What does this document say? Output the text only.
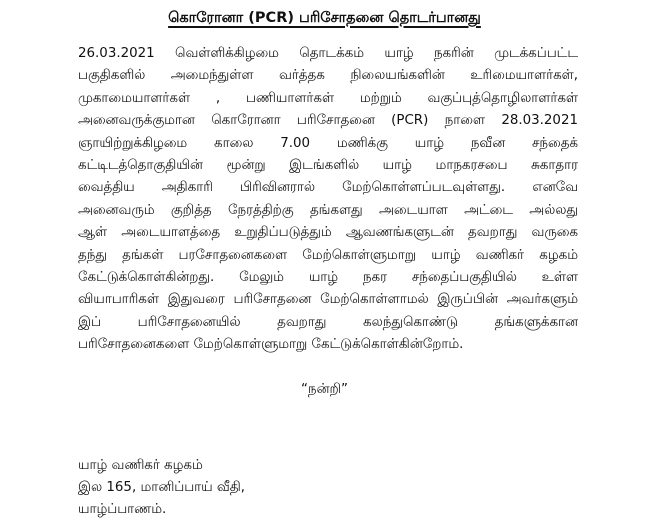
கொரோனா (PCR) பரிசோதனை தொடர்பானது
26.03.2021 வெள்ளிக்கிழமை தொடக்கம் யாழ் நகரின் முடக்கப்பட்ட
பகுதிகளில் அமைந்துள்ள வர்த்தக நிலையங்களின் உரிமையாளர்கள்,
முகாமையாளர்கள் , பணியாளர்கள் மற்றும் வகுப்புத்தொழிலாளர்கள்
அனைவருக்குமான கொரோனா பரிசோதனை (PCR) நாளை 28.03.2021
ஞாயிற்றுக்கிழமை காலை 7.00 மணிக்கு யாழ் நவீன சந்தைக்
கட்டிடத்தொகுதியின் மூன்று இடங்களில் யாழ் மாநகரசபை சுகாதார
வைத்திய அதிகாரி பிரிவினரால் மேற்கொள்ளப்படவுள்ளது. எனவே
அனைவரும் குறித்த நேரத்திற்கு தங்களது அடையாள அட்டை அல்லது
ஆள் அடையாளத்தை உறுதிப்படுத்தும் ஆவணங்களுடன் தவறாது வருகை
தந்து தங்கள் பரசோதனைகளை மேற்கொள்ளுமாறு யாழ் வணிகர் கழகம்
கேட்டுக்கொள்கின்றது. மேலும் யாழ் நகர சந்தைப்பகுதியில் உள்ள
வியாபாரிகள் இதுவரை பரிசோதனை மேற்கொள்ளாமல் இருப்பின் அவர்களும்
இப் பரிசோதனையில் தவறாது கலந்துகொண்டு தங்களுக்கான
பரிசோதனைகளை மேற்கொள்ளுமாறு கேட்டுக்கொள்கின்றோம்.
“நன்றி”
யாழ் வணிகர் கழகம்
இல 165, மானிப்பாய் வீதி,
யாழ்ப்பாணம்.
